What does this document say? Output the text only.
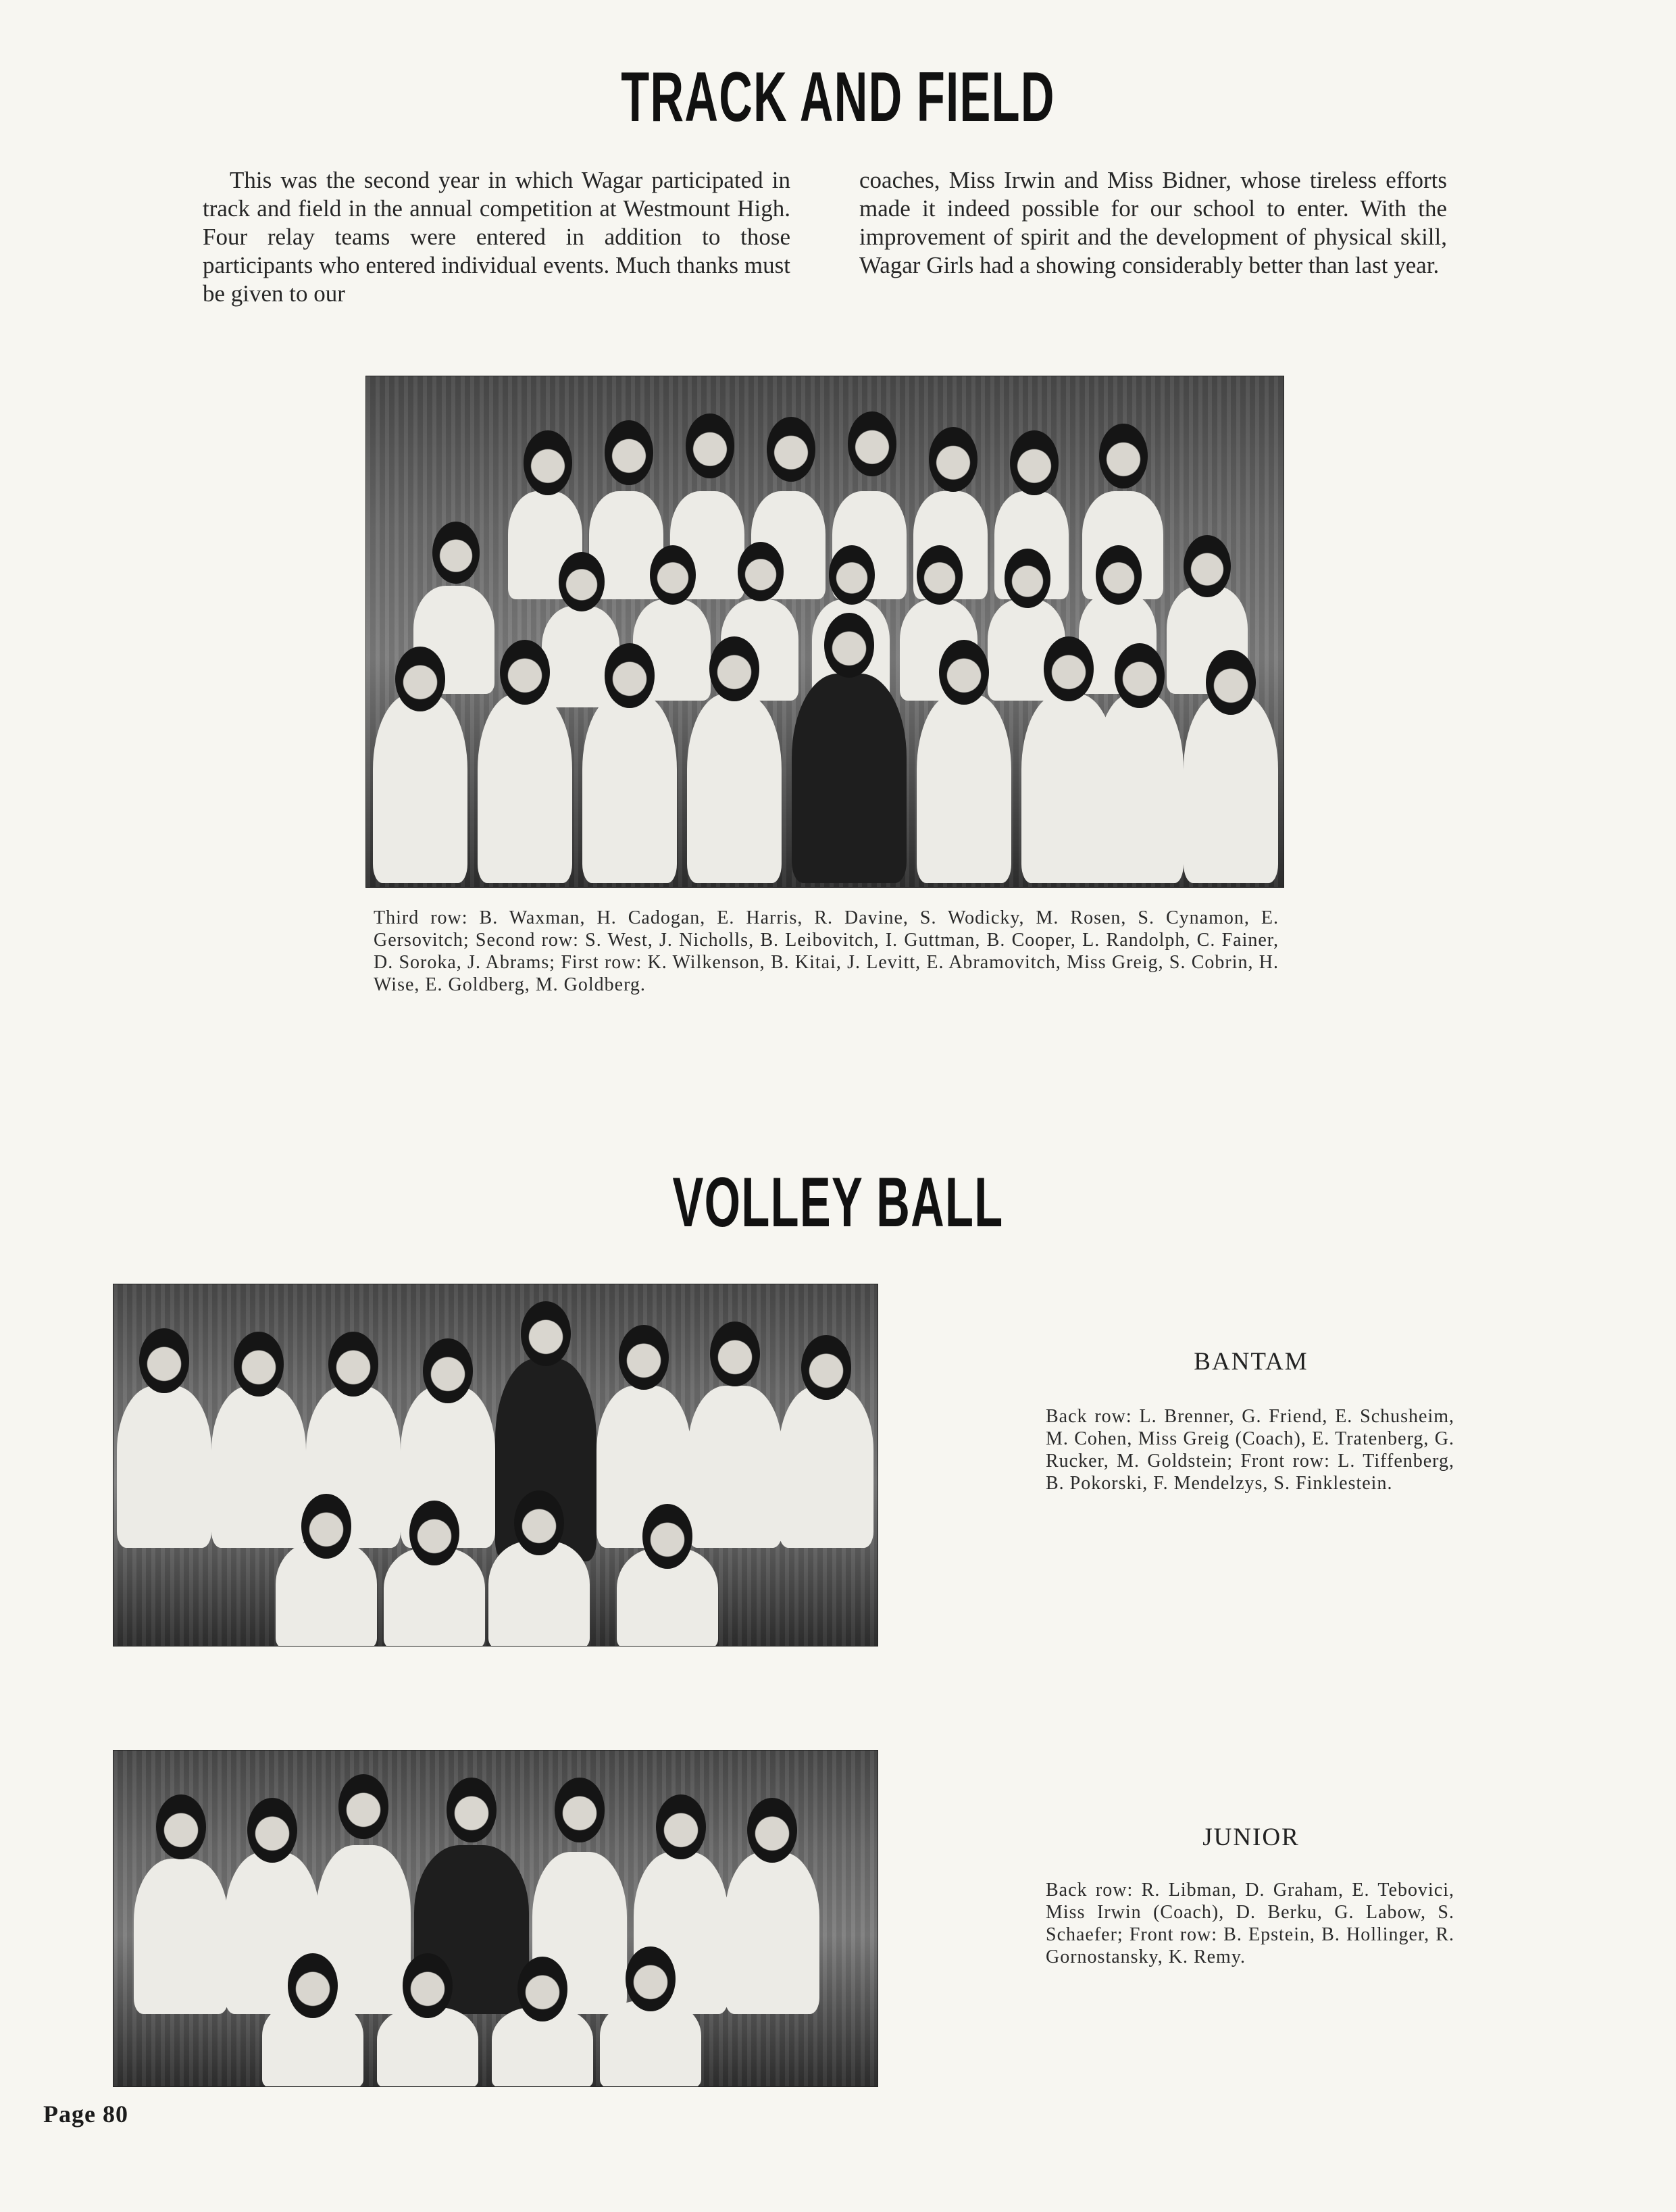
TRACK AND FIELD

This was the second year in which Wagar participated in track and field in the annual competition at Westmount High. Four relay teams were entered in addition to those participants who entered individual events. Much thanks must be given to our

coaches, Miss Irwin and Miss Bidner, whose tireless efforts made it indeed possible for our school to enter. With the improvement of spirit and the development of physical skill, Wagar Girls had a showing considerably better than last year.

Third row: B. Waxman, H. Cadogan, E. Harris, R. Davine, S. Wodicky, M. Rosen, S. Cynamon, E. Gersovitch; Second row: S. West, J. Nicholls, B. Leibovitch, I. Guttman, B. Cooper, L. Randolph, C. Fainer, D. Soroka, J. Abrams; First row: K. Wilkenson, B. Kitai, J. Levitt, E. Abramovitch, Miss Greig, S. Cobrin, H. Wise, E. Goldberg, M. Goldberg.

VOLLEY BALL

BANTAM

Back row: L. Brenner, G. Friend, E. Schusheim, M. Cohen, Miss Greig (Coach), E. Tratenberg, G. Rucker, M. Goldstein; Front row: L. Tiffenberg, B. Pokorski, F. Mendelzys, S. Finklestein.

JUNIOR

Back row: R. Libman, D. Graham, E. Tebovici, Miss Irwin (Coach), D. Berku, G. Labow, S. Schaefer; Front row: B. Epstein, B. Hollinger, R. Gornostansky, K. Remy.

Page 80
